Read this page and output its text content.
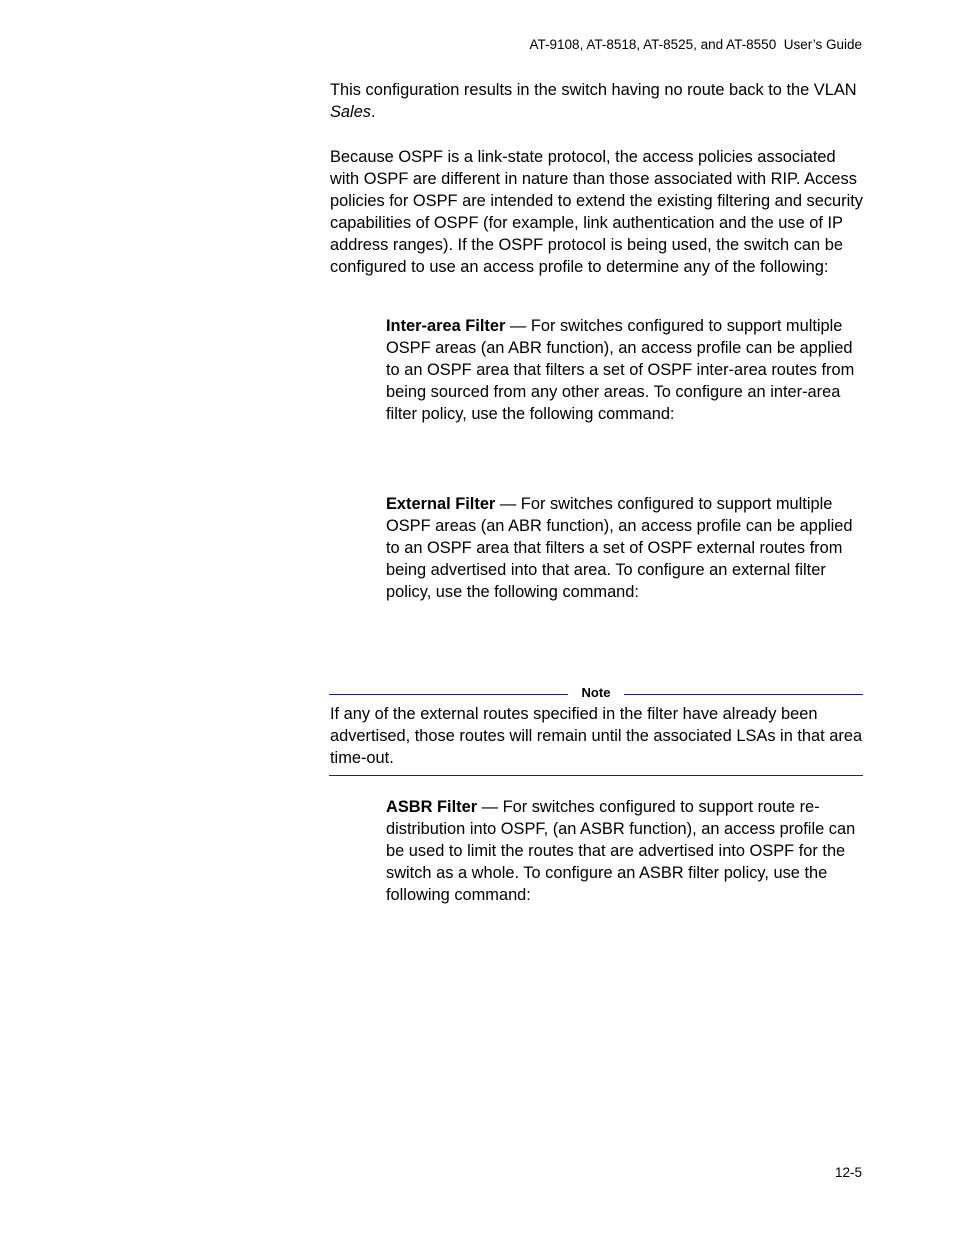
AT-9108, AT-8518, AT-8525, and AT-8550  User’s Guide

This configuration results in the switch having no route back to the VLAN Sales.

Because OSPF is a link-state protocol, the access policies associated with OSPF are different in nature than those associated with RIP. Access policies for OSPF are intended to extend the existing filtering and security capabilities of OSPF (for example, link authentication and the use of IP address ranges). If the OSPF protocol is being used, the switch can be configured to use an access profile to determine any of the following:

Inter-area Filter — For switches configured to support multiple OSPF areas (an ABR function), an access profile can be applied to an OSPF area that filters a set of OSPF inter-area routes from being sourced from any other areas. To configure an inter-area filter policy, use the following command:

External Filter — For switches configured to support multiple OSPF areas (an ABR function), an access profile can be applied to an OSPF area that filters a set of OSPF external routes from being advertised into that area. To configure an external filter policy, use the following command:

Note

If any of the external routes specified in the filter have already been advertised, those routes will remain until the associated LSAs in that area time-out.

ASBR Filter — For switches configured to support route re-distribution into OSPF, (an ASBR function), an access profile can be used to limit the routes that are advertised into OSPF for the switch as a whole. To configure an ASBR filter policy, use the following command:

12-5
